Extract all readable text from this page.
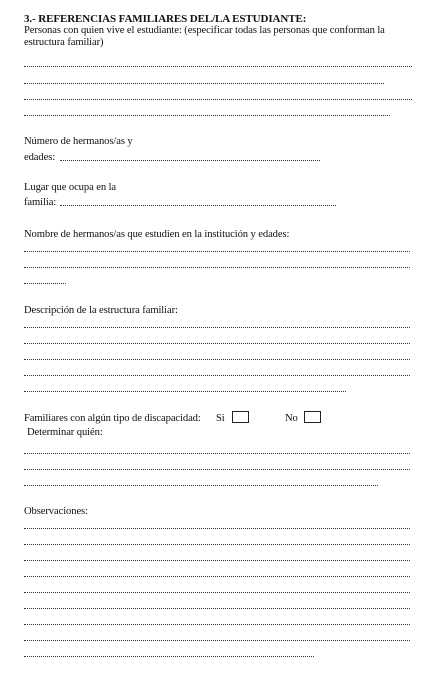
3.- REFERENCIAS FAMILIARES DEL/LA ESTUDIANTE:
Personas con quien vive el estudiante: (especificar todas las personas que conforman la
estructura familiar)
Número de hermanos/as y
edades:
Lugar que ocupa en la
familia:
Nombre de hermanos/as que estudien en la institución y edades:
Descripción de la estructura familiar:
Familiares con algún tipo de discapacidad: Si	No
Determinar quién:
Observaciones:
